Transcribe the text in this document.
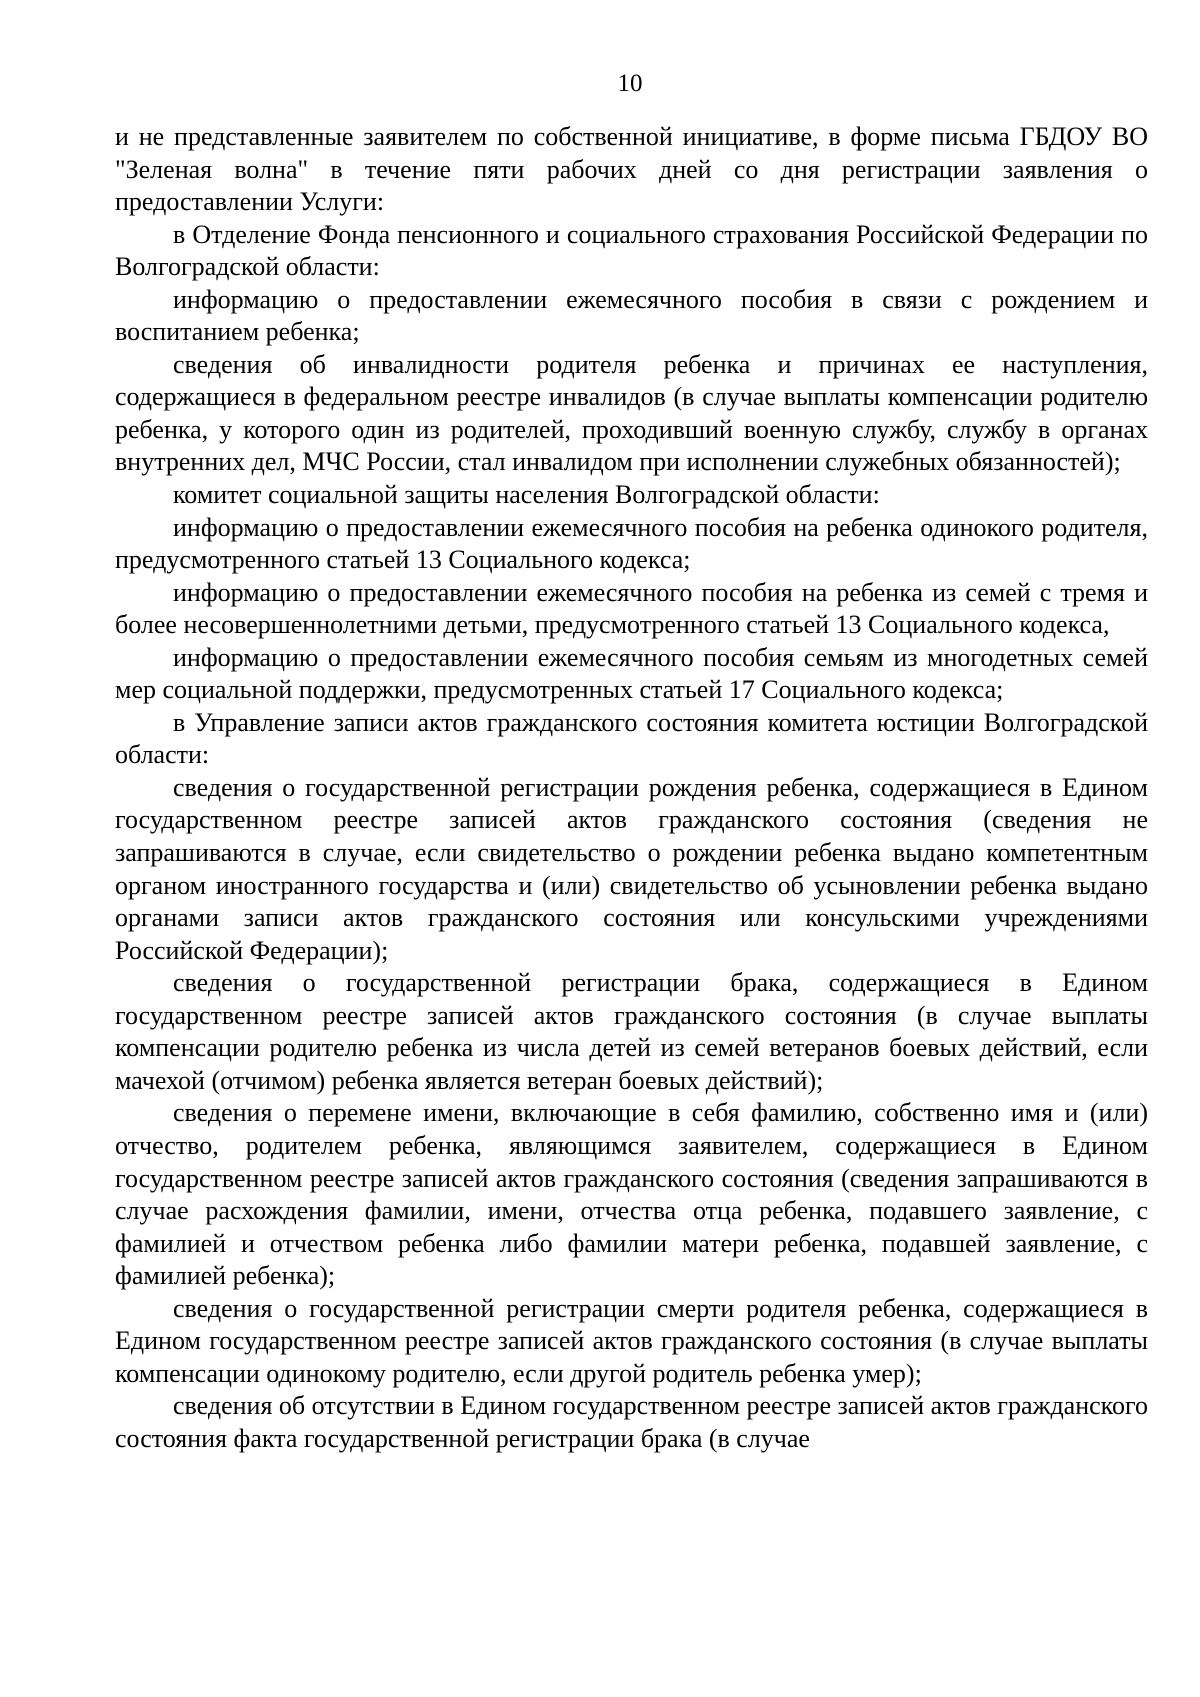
10

и не представленные заявителем по собственной инициативе, в форме письма ГБДОУ ВО "Зеленая волна" в течение пяти рабочих дней со дня регистрации заявления о предоставлении Услуги:

в Отделение Фонда пенсионного и социального страхования Российской Федерации по Волгоградской области:

информацию о предоставлении ежемесячного пособия в связи с рождением и воспитанием ребенка;

сведения об инвалидности родителя ребенка и причинах ее наступления, содержащиеся в федеральном реестре инвалидов (в случае выплаты компенсации родителю ребенка, у которого один из родителей, проходивший военную службу, службу в органах внутренних дел, МЧС России, стал инвалидом при исполнении служебных обязанностей);

комитет социальной защиты населения Волгоградской области:

информацию о предоставлении ежемесячного пособия на ребенка одинокого родителя, предусмотренного статьей 13 Социального кодекса;

информацию о предоставлении ежемесячного пособия на ребенка из семей с тремя и более несовершеннолетними детьми, предусмотренного статьей 13 Социального кодекса,

информацию о предоставлении ежемесячного пособия семьям из многодетных семей мер социальной поддержки, предусмотренных статьей 17 Социального кодекса;

в Управление записи актов гражданского состояния комитета юстиции Волгоградской области:

сведения о государственной регистрации рождения ребенка, содержащиеся в Едином государственном реестре записей актов гражданского состояния (сведения не запрашиваются в случае, если свидетельство о рождении ребенка выдано компетентным органом иностранного государства и (или) свидетельство об усыновлении ребенка выдано органами записи актов гражданского состояния или консульскими учреждениями Российской Федерации);

сведения о государственной регистрации брака, содержащиеся в Едином государственном реестре записей актов гражданского состояния (в случае выплаты компенсации родителю ребенка из числа детей из семей ветеранов боевых действий, если мачехой (отчимом) ребенка является ветеран боевых действий);

сведения о перемене имени, включающие в себя фамилию, собственно имя и (или) отчество, родителем ребенка, являющимся заявителем, содержащиеся в Едином государственном реестре записей актов гражданского состояния (сведения запрашиваются в случае расхождения фамилии, имени, отчества отца ребенка, подавшего заявление, с фамилией и отчеством ребенка либо фамилии матери ребенка, подавшей заявление, с фамилией ребенка);

сведения о государственной регистрации смерти родителя ребенка, содержащиеся в Едином государственном реестре записей актов гражданского состояния (в случае выплаты компенсации одинокому родителю, если другой родитель ребенка умер);

сведения об отсутствии в Едином государственном реестре записей актов гражданского состояния факта государственной регистрации брака (в случае
